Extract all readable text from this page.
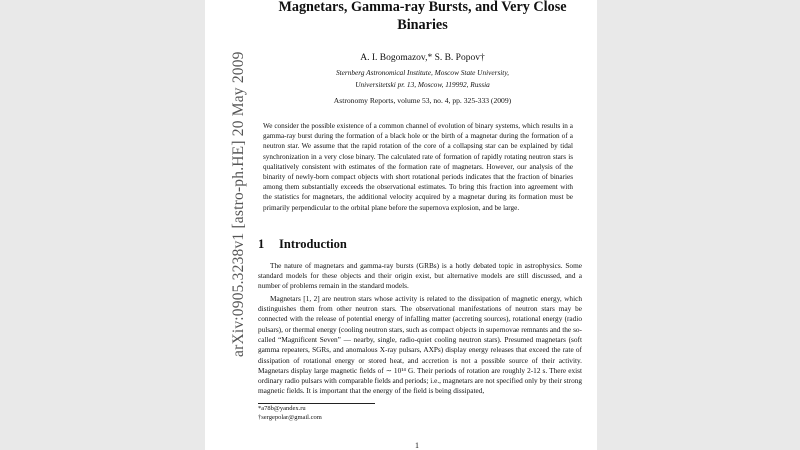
Magnetars, Gamma-ray Bursts, and Very Close Binaries
A. I. Bogomazov,* S. B. Popov†
Sternberg Astronomical Institute, Moscow State University,
Universitetski pr. 13, Moscow, 119992, Russia
Astronomy Reports, volume 53, no. 4, pp. 325-333 (2009)
We consider the possible existence of a common channel of evolution of binary systems, which results in a gamma-ray burst during the formation of a black hole or the birth of a magnetar during the formation of a neutron star. We assume that the rapid rotation of the core of a collapsing star can be explained by tidal synchronization in a very close binary. The calculated rate of formation of rapidly rotating neutron stars is qualitatively consistent with estimates of the formation rate of magnetars. However, our analysis of the binarity of newly-born compact objects with short rotational periods indicates that the fraction of binaries among them substantially exceeds the observational estimates. To bring this fraction into agreement with the statistics for magnetars, the additional velocity acquired by a magnetar during its formation must be primarily perpendicular to the orbital plane before the supernova explosion, and be large.
1 Introduction
The nature of magnetars and gamma-ray bursts (GRBs) is a hotly debated topic in astrophysics. Some standard models for these objects and their origin exist, but alternative models are still discussed, and a number of problems remain in the standard models.
Magnetars [1, 2] are neutron stars whose activity is related to the dissipation of magnetic energy, which distinguishes them from other neutron stars. The observational manifestations of neutron stars may be connected with the release of potential energy of infalling matter (accreting sources), rotational energy (radio pulsars), or thermal energy (cooling neutron stars, such as compact objects in supernovae remnants and the so-called “Magnificent Seven” — nearby, single, radio-quiet cooling neutron stars). Presumed magnetars (soft gamma repeaters, SGRs, and anomalous X-ray pulsars, AXPs) display energy releases that exceed the rate of dissipation of rotational energy or stored heat, and accretion is not a possible source of their activity. Magnetars display large magnetic fields of ∼ 10¹⁴ G. Their periods of rotation are roughly 2-12 s. There exist ordinary radio pulsars with comparable fields and periods; i.e., magnetars are not specified only by their strong magnetic fields. It is important that the energy of the field is being dissipated,
*a78b@yandex.ru
†sergepolar@gmail.com
1
arXiv:0905.3238v1 [astro-ph.HE] 20 May 2009
